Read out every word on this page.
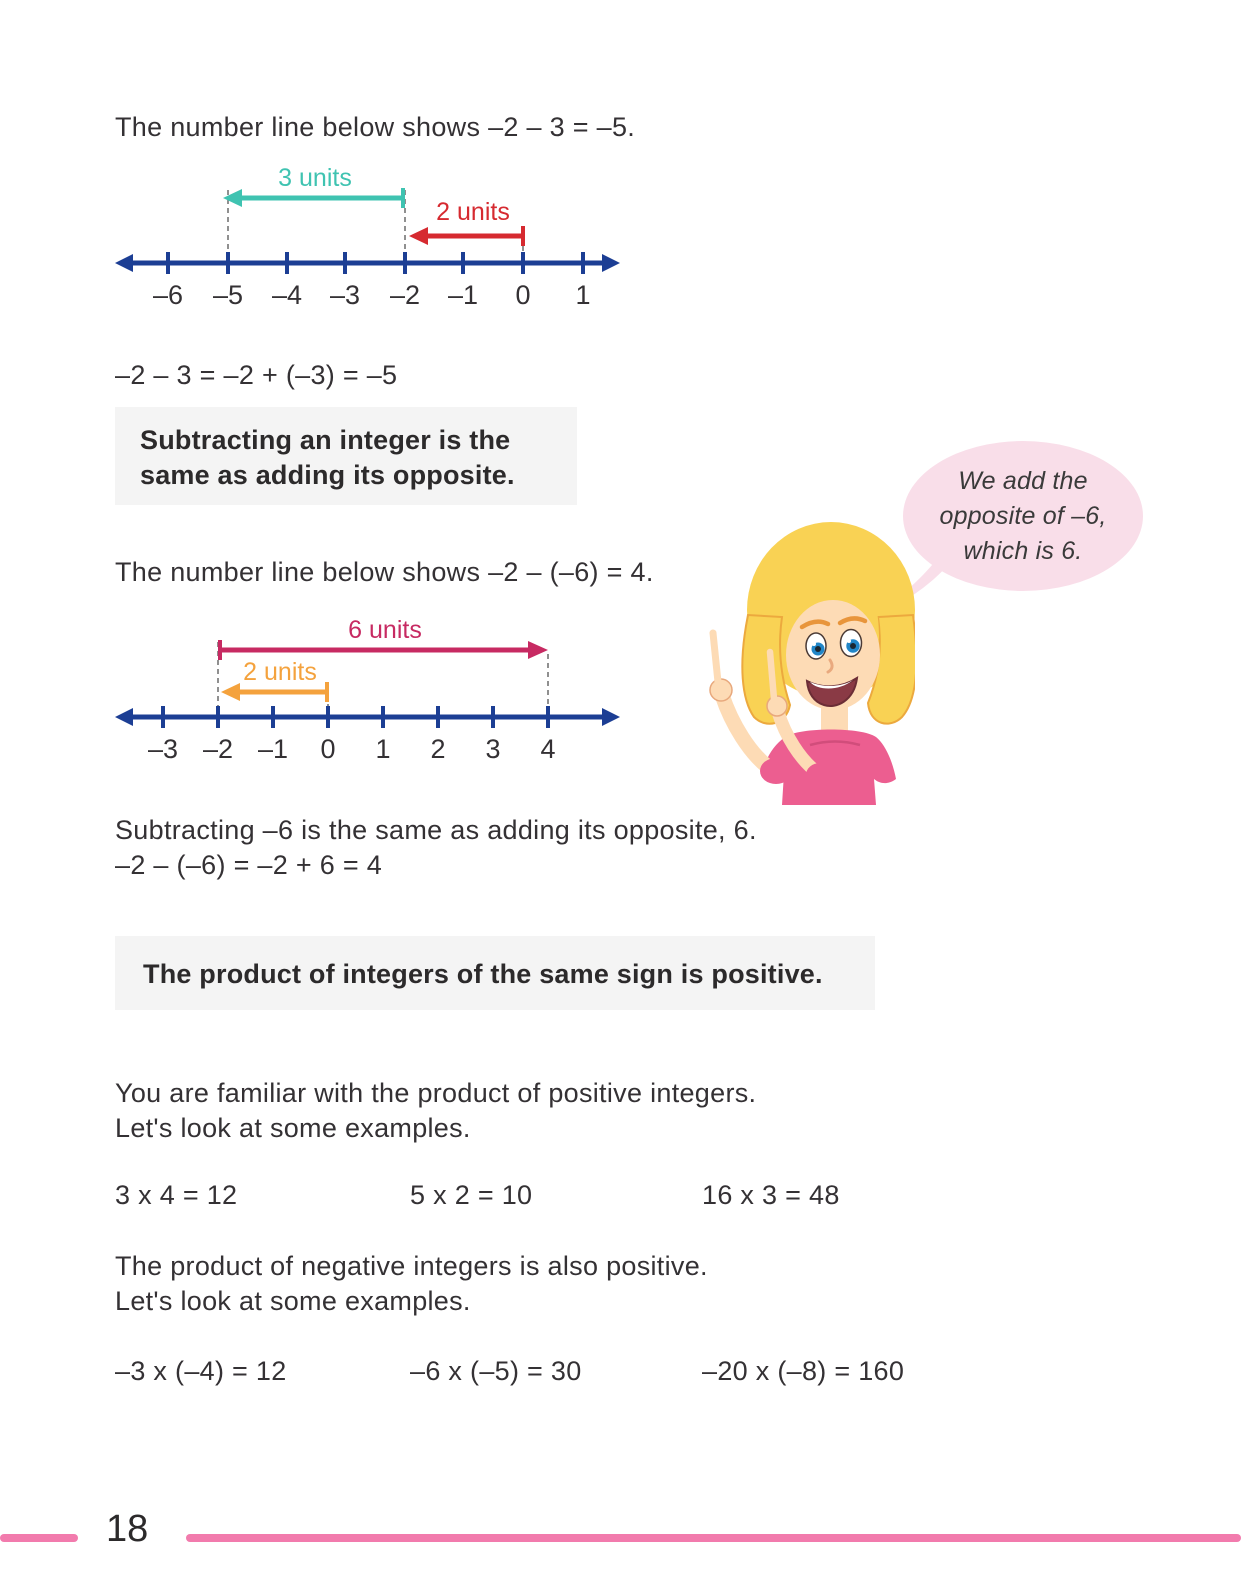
The number line below shows –2 – 3 = –5.
3 units
2 units
–6 –5 –4 –3 –2 –1 0 1
–2 – 3 = –2 + (–3) = –5
Subtracting an integer is the
same as adding its opposite.
The number line below shows –2 – (–6) = 4.
We add the
opposite of –6,
which is 6.
6 units
2 units
–3 –2 –1 0 1 2 3 4
Subtracting –6 is the same as adding its opposite, 6.
–2 – (–6) = –2 + 6 = 4
The product of integers of the same sign is positive.
You are familiar with the product of positive integers.
Let's look at some examples.
3 x 4 = 12	5 x 2 = 10	16 x 3 = 48
The product of negative integers is also positive.
Let's look at some examples.
–3 x (–4) = 12	–6 x (–5) = 30	–20 x (–8) = 160
18
